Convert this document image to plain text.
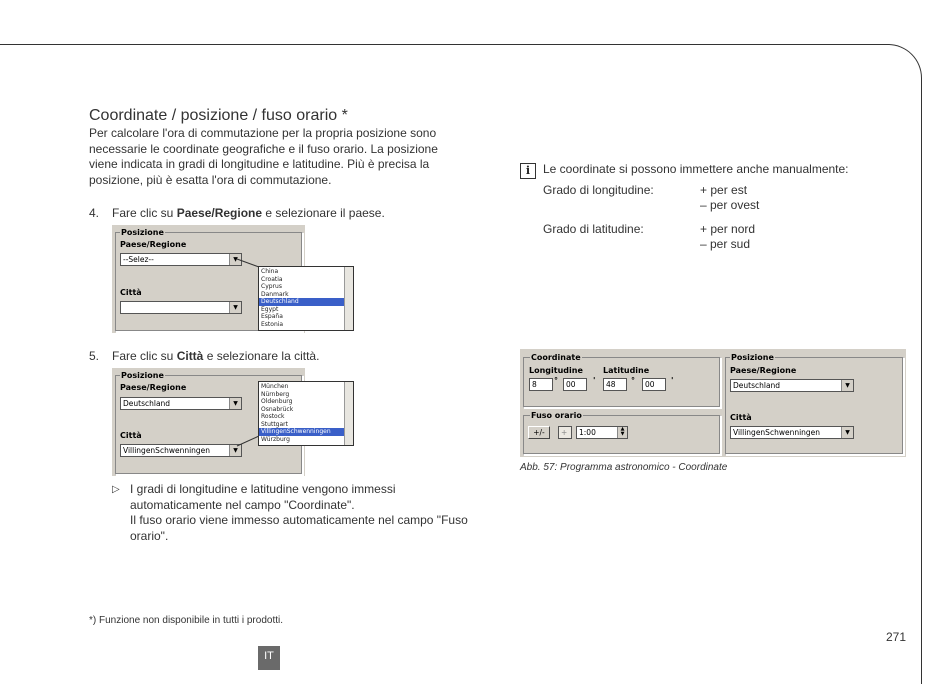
Coordinate / posizione / fuso orario *
Per calcolare l'ora di commutazione per la propria posizione sono necessarie le coordinate geografiche e il fuso orario. La posizione viene indicata in gradi di longitudine e latitudine. Più è precisa la posizione, più è esatta l'ora di commutazione.
4. Fare clic su Paese/Regione e selezionare il paese.
Posizione
Paese/Regione
--Selez--	▼
Città
▼
China
Croatia
Cyprus
Danmark
Deutschland
Egypt
España
Estonia
5. Fare clic su Città e selezionare la città.
Posizione
Paese/Regione
Deutschland	▼
Città
VillingenSchwenningen	▼
München
Nürnberg
Oldenburg
Osnabrück
Rostock
Stuttgart
VillingenSchwenningen
Würzburg
▷ I gradi di longitudine e latitudine vengono immessi automaticamente nel campo "Coordinate".
Il fuso orario viene immesso automaticamente nel campo "Fuso orario".
i	Le coordinate si possono immettere anche manualmente:
Grado di longitudine:	+ per est
– per ovest
Grado di latitudine:	+ per nord
– per sud
Coordinate
Longitudine	Latitudine
8	°	00	'	48	°	00	'
Fuso orario
+/-	+	1:00	▲
▼
Posizione
Paese/Regione
Deutschland	▼
Città
VillingenSchwenningen	▼
Abb. 57: Programma astronomico - Coordinate
*) Funzione non disponibile in tutti i prodotti.
271
IT
